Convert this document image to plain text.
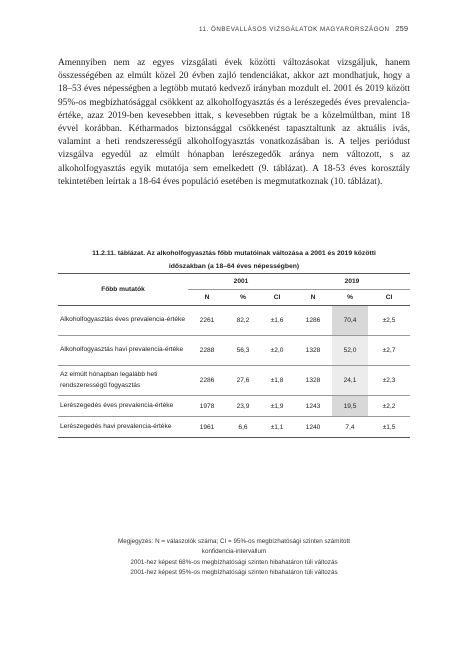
11. ÖNBEVALLÁSOS VIZSGÁLATOK MAGYARORSZÁGON 259

Amennyiben nem az egyes vizsgálati évek közötti változásokat vizsgáljuk, hanem összességében az elmúlt közel 20 évben zajló tendenciákat, akkor azt mondhatjuk, hogy a 18–53 éves népességben a legtöbb mutató kedvező irányban mozdult el. 2001 és 2019 között 95%-os megbízhatósággal csökkent az alkoholfogyasztás és a lerészegedés éves prevalencia-értéke, azaz 2019-ben kevesebben ittak, s kevesebben rúgtak be a közelmúltban, mint 18 évvel korábban. Kétharmados biztonsággal csökkenést tapasztaltunk az aktuális ivás, valamint a heti rendszerességű alkoholfogyasztás vonatkozásában is. A teljes periódust vizsgálva egyedül az elmúlt hónapban lerészegedők aránya nem változott, s az alkoholfogyasztás egyik mutatója sem emelkedett (9. táblázat). A 18-53 éves korosztály tekintetében leírtak a 18-64 éves populáció esetében is megmutatkoznak (10. táblázat).

11.2.11. táblázat. Az alkoholfogyasztás főbb mutatóinak változása a 2001 és 2019 közötti
időszakban (a 18–64 éves népességben)
Főbb mutatók	2001			2019		
	N	%	CI	N	%	CI
Alkoholfogyasztás éves prevalencia-értéke	2261	82,2	±1,6	1286	70,4	±2,5
Alkoholfogyasztás havi prevalencia-értéke	2288	56,3	±2,0	1328	52,0	±2,7
Az elmúlt hónapban legalább heti rendszerességű fogyasztás	2286	27,6	±1,8	1328	24,1	±2,3
Lerészegedés éves prevalencia-értéke	1978	23,9	±1,9	1243	19,5	±2,2
Lerészegedés havi prevalencia-értéke	1961	6,6	±1,1	1240	7,4	±1,5
Megjegyzés: N = válaszolók száma; CI = 95%-os megbízhatósági szinten számított
konfidencia-intervallum
2001-hez képest 68%-os megbízhatósági szinten hibahatáron túli változás
2001-hez képest 95%-os megbízhatósági szinten hibahatáron túli változás
